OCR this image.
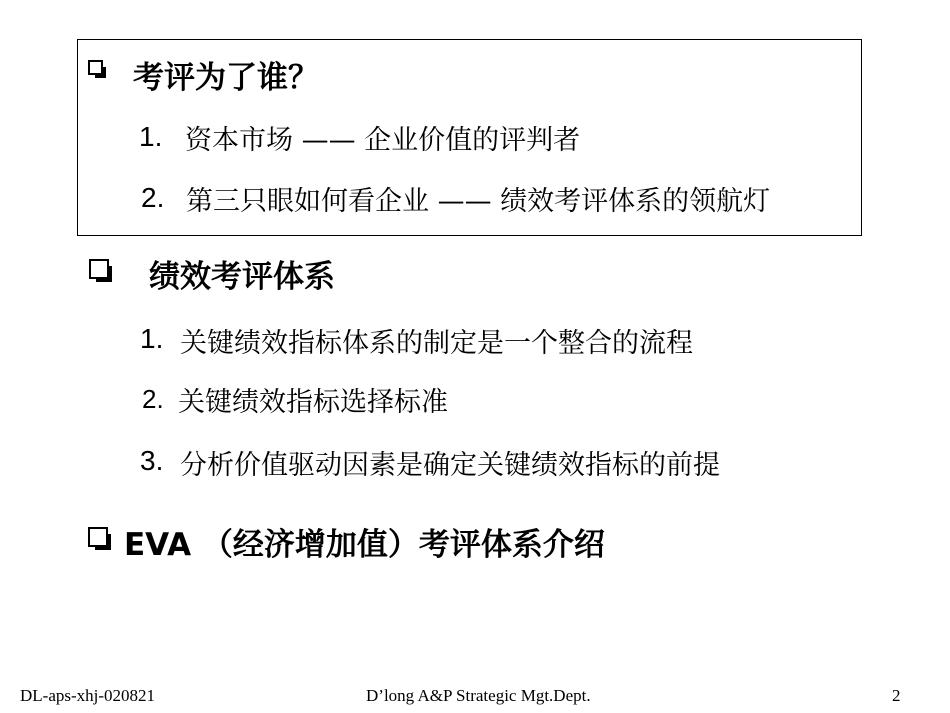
考评为了谁？
1. 资本市场 —— 企业价值的评判者
2. 第三只眼如何看企业 —— 绩效考评体系的领航灯
绩效考评体系
1. 关键绩效指标体系的制定是一个整合的流程
2. 关键绩效指标选择标准
3. 分析价值驱动因素是确定关键绩效指标的前提
EVA （经济增加值）考评体系介绍
DL-aps-xhj-020821	D’long A&P Strategic Mgt.Dept.	2
